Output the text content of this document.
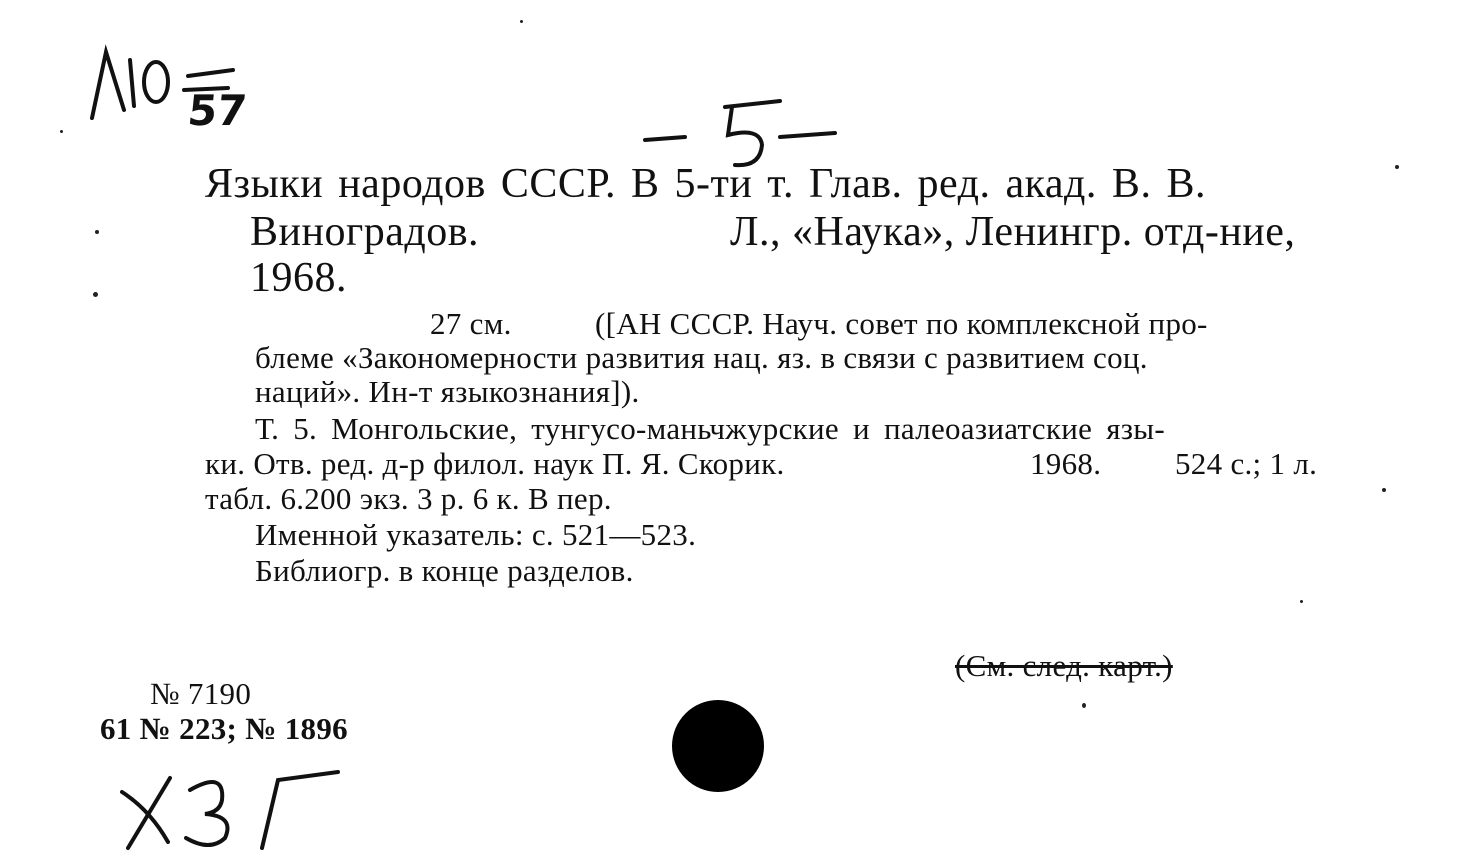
57
Языки народов СССР. В 5-ти т. Глав. ред. акад. В. В.
Виноградов.	Л., «Наука», Ленингр. отд-ние,
1968.
27 см.	([АН СССР. Науч. совет по комплексной про-
блеме «Закономерности развития нац. яз. в связи с развитием соц.
наций». Ин-т языкознания]).
Т. 5. Монгольские, тунгусо-маньчжурские и палеоазиатские язы-
ки. Отв. ред. д-р филол. наук П. Я. Скорик.	1968. 524 с.; 1 л.
табл. 6.200 экз. 3 р. 6 к. В пер.
Именной указатель: с. 521—523.
Библиогр. в конце разделов.
(См. след. карт.)
№ 7190
61 № 223; № 1896
